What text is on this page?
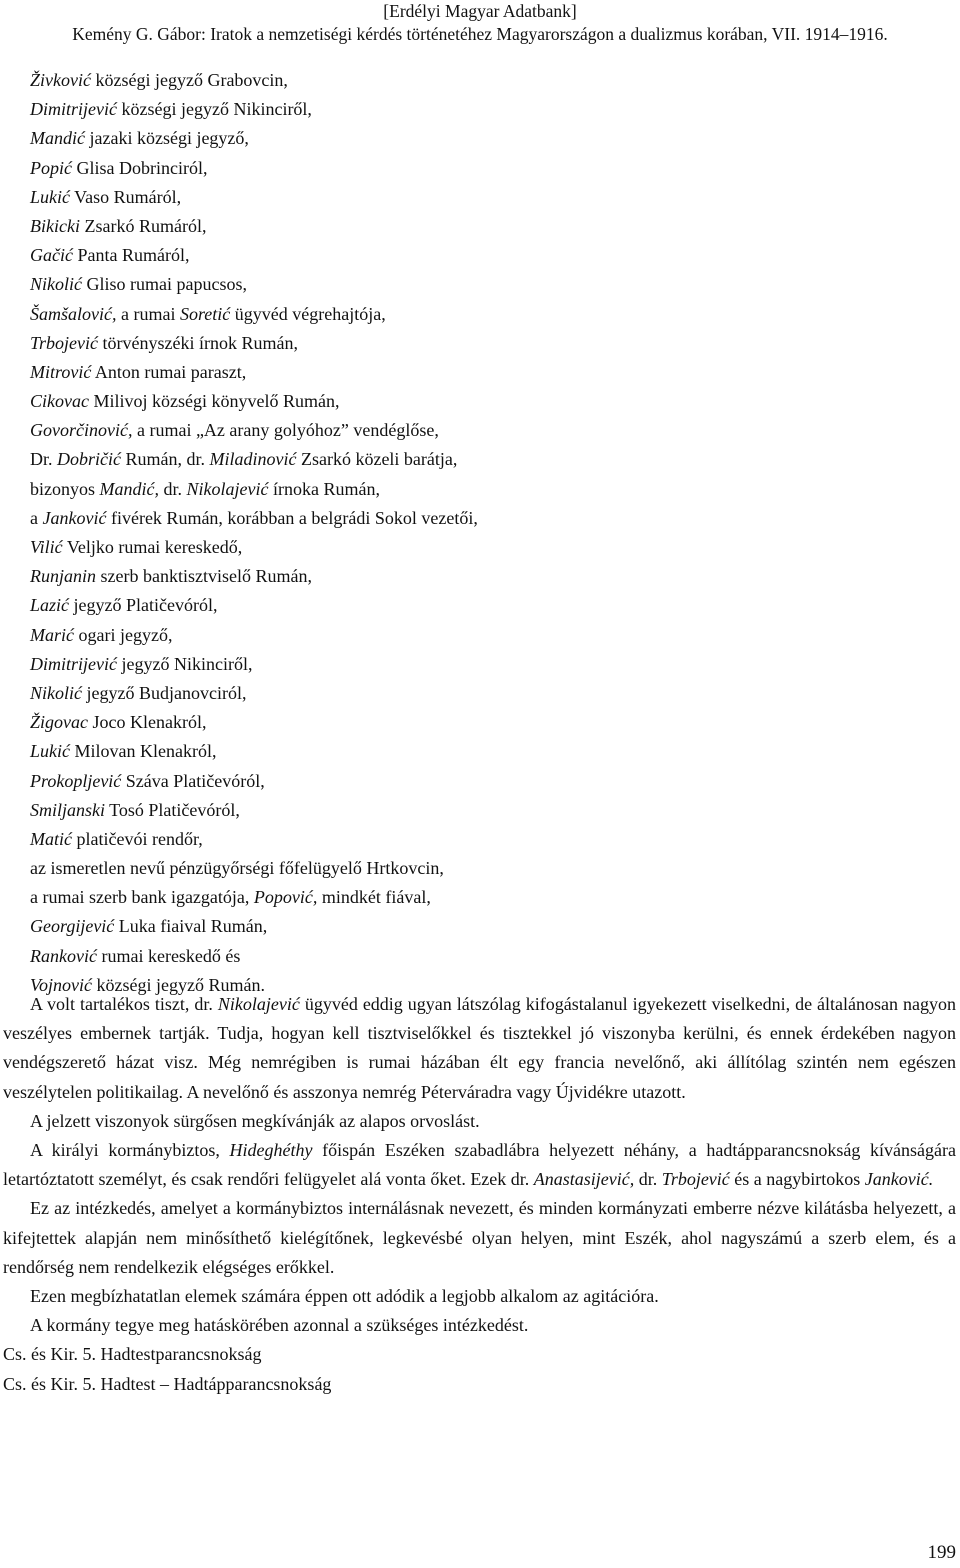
[Erdélyi Magyar Adatbank]
Kemény G. Gábor: Iratok a nemzetiségi kérdés történetéhez Magyarországon a dualizmus korában, VII. 1914–1916.
Živković községi jegyző Grabovcin,
Dimitrijević községi jegyző Nikinciről,
Mandić jazaki községi jegyző,
Popić Glisa Dobrinciról,
Lukić Vaso Rumáról,
Bikicki Zsarkó Rumáról,
Gačić Panta Rumáról,
Nikolić Gliso rumai papucsos,
Šamšalović, a rumai Soretić ügyvéd végrehajtója,
Trbojević törvényszéki írnok Rumán,
Mitrović Anton rumai paraszt,
Cikovac Milivoj községi könyvelő Rumán,
Govorčinović, a rumai „Az arany golyóhoz” vendéglőse,
Dr. Dobričić Rumán, dr. Miladinović Zsarkó közeli barátja,
bizonyos Mandić, dr. Nikolajević írnoka Rumán,
a Janković fivérek Rumán, korábban a belgrádi Sokol vezetői,
Vilić Veljko rumai kereskedő,
Runjanin szerb banktisztviselő Rumán,
Lazić jegyző Platičevóról,
Marić ogari jegyző,
Dimitrijević jegyző Nikinciről,
Nikolić jegyző Budjanovciról,
Žigovac Joco Klenakról,
Lukić Milovan Klenakról,
Prokopljević Száva Platičevóról,
Smiljanski Tosó Platičevóról,
Matić platičevói rendőr,
az ismeretlen nevű pénzügyőrségi főfelügyelő Hrtkovcin,
a rumai szerb bank igazgatója, Popović, mindkét fiával,
Georgijević Luka fiaival Rumán,
Ranković rumai kereskedő és
Vojnović községi jegyző Rumán.

A volt tartalékos tiszt, dr. Nikolajević ügyvéd eddig ugyan látszólag kifogástalanul igyekezett viselkedni, de általánosan nagyon veszélyes embernek tartják. Tudja, hogyan kell tisztviselőkkel és tisztekkel jó viszonyba kerülni, és ennek érdekében nagyon vendégszerető házat visz. Még nemrégiben is rumai házában élt egy francia nevelőnő, aki állítólag szintén nem egészen veszélytelen politikailag. A nevelőnő és asszonya nemrég Péterváradra vagy Újvidékre utazott.

A jelzett viszonyok sürgősen megkívánják az alapos orvoslást.

A királyi kormánybiztos, Hideghéthy főispán Eszéken szabadlábra helyezett néhány, a hadtápparancsnokság kívánságára letartóztatott személyt, és csak rendőri felügyelet alá vonta őket. Ezek dr. Anastasijević, dr. Trbojević és a nagybirtokos Janković.

Ez az intézkedés, amelyet a kormánybiztos internálásnak nevezett, és minden kormányzati emberre nézve kilátásba helyezett, a kifejtettek alapján nem minősíthető kielégítőnek, legkevésbé olyan helyen, mint Eszék, ahol nagyszámú a szerb elem, és a rendőrség nem rendelkezik elégséges erőkkel.

Ezen megbízhatatlan elemek számára éppen ott adódik a legjobb alkalom az agitációra.

A kormány tegye meg hatáskörében azonnal a szükséges intézkedést.

Cs. és Kir. 5. Hadtestparancsnokság

Cs. és Kir. 5. Hadtest – Hadtápparancsnokság

199
